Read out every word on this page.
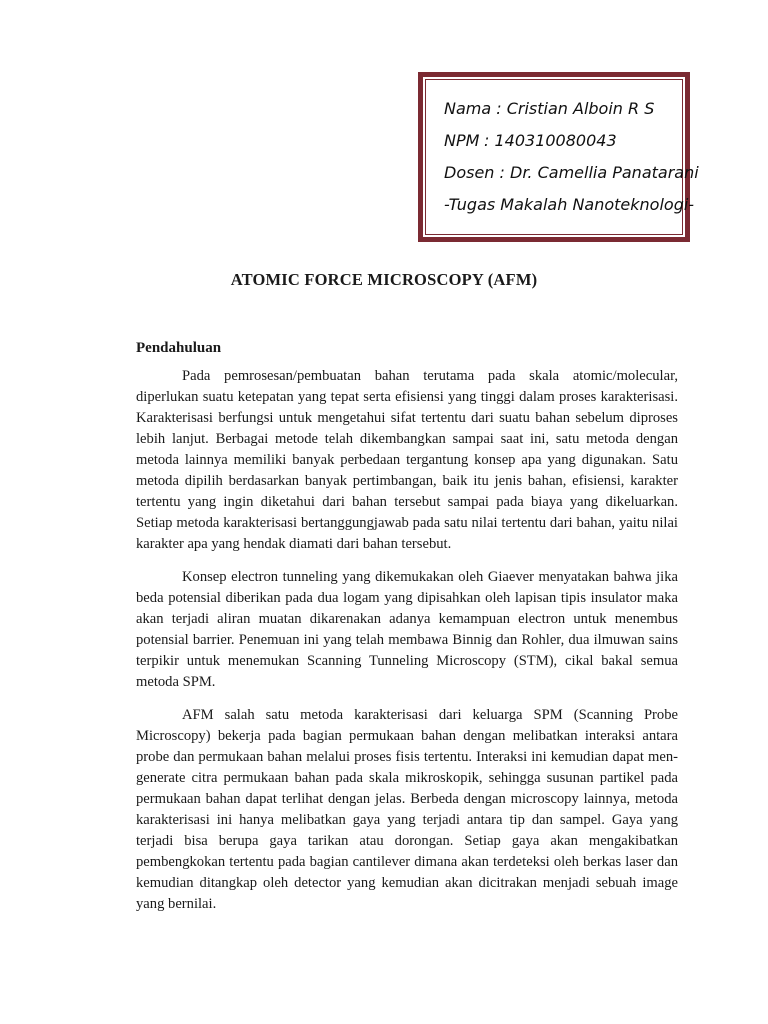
Nama : Cristian Alboin R S
NPM : 140310080043
Dosen : Dr. Camellia Panatarani
-Tugas Makalah Nanoteknologi-
ATOMIC FORCE MICROSCOPY (AFM)
Pendahuluan

Pada pemrosesan/pembuatan bahan terutama pada skala atomic/molecular, diperlukan suatu ketepatan yang tepat serta efisiensi yang tinggi dalam proses karakterisasi. Karakterisasi berfungsi untuk mengetahui sifat tertentu dari suatu bahan sebelum diproses lebih lanjut. Berbagai metode telah dikembangkan sampai saat ini, satu metoda dengan metoda lainnya memiliki banyak perbedaan tergantung konsep apa yang digunakan. Satu metoda dipilih berdasarkan banyak pertimbangan, baik itu jenis bahan, efisiensi, karakter tertentu yang ingin diketahui dari bahan tersebut sampai pada biaya yang dikeluarkan. Setiap metoda karakterisasi bertanggungjawab pada satu nilai tertentu dari bahan, yaitu nilai karakter apa yang hendak diamati dari bahan tersebut.

Konsep electron tunneling yang dikemukakan oleh Giaever menyatakan bahwa jika beda potensial diberikan pada dua logam yang dipisahkan oleh lapisan tipis insulator maka akan terjadi aliran muatan dikarenakan adanya kemampuan electron untuk menembus potensial barrier. Penemuan ini yang telah membawa Binnig dan Rohler, dua ilmuwan sains terpikir untuk menemukan Scanning Tunneling Microscopy (STM), cikal bakal semua metoda SPM.

AFM salah satu metoda karakterisasi dari keluarga SPM (Scanning Probe Microscopy) bekerja pada bagian permukaan bahan dengan melibatkan interaksi antara probe dan permukaan bahan melalui proses fisis tertentu. Interaksi ini kemudian dapat men-generate citra permukaan bahan pada skala mikroskopik, sehingga susunan partikel pada permukaan bahan dapat terlihat dengan jelas. Berbeda dengan microscopy lainnya, metoda karakterisasi ini hanya melibatkan gaya yang terjadi antara tip dan sampel. Gaya yang terjadi bisa berupa gaya tarikan atau dorongan. Setiap gaya akan mengakibatkan pembengkokan tertentu pada bagian cantilever dimana akan terdeteksi oleh berkas laser dan kemudian ditangkap oleh detector yang kemudian akan dicitrakan menjadi sebuah image yang bernilai.
